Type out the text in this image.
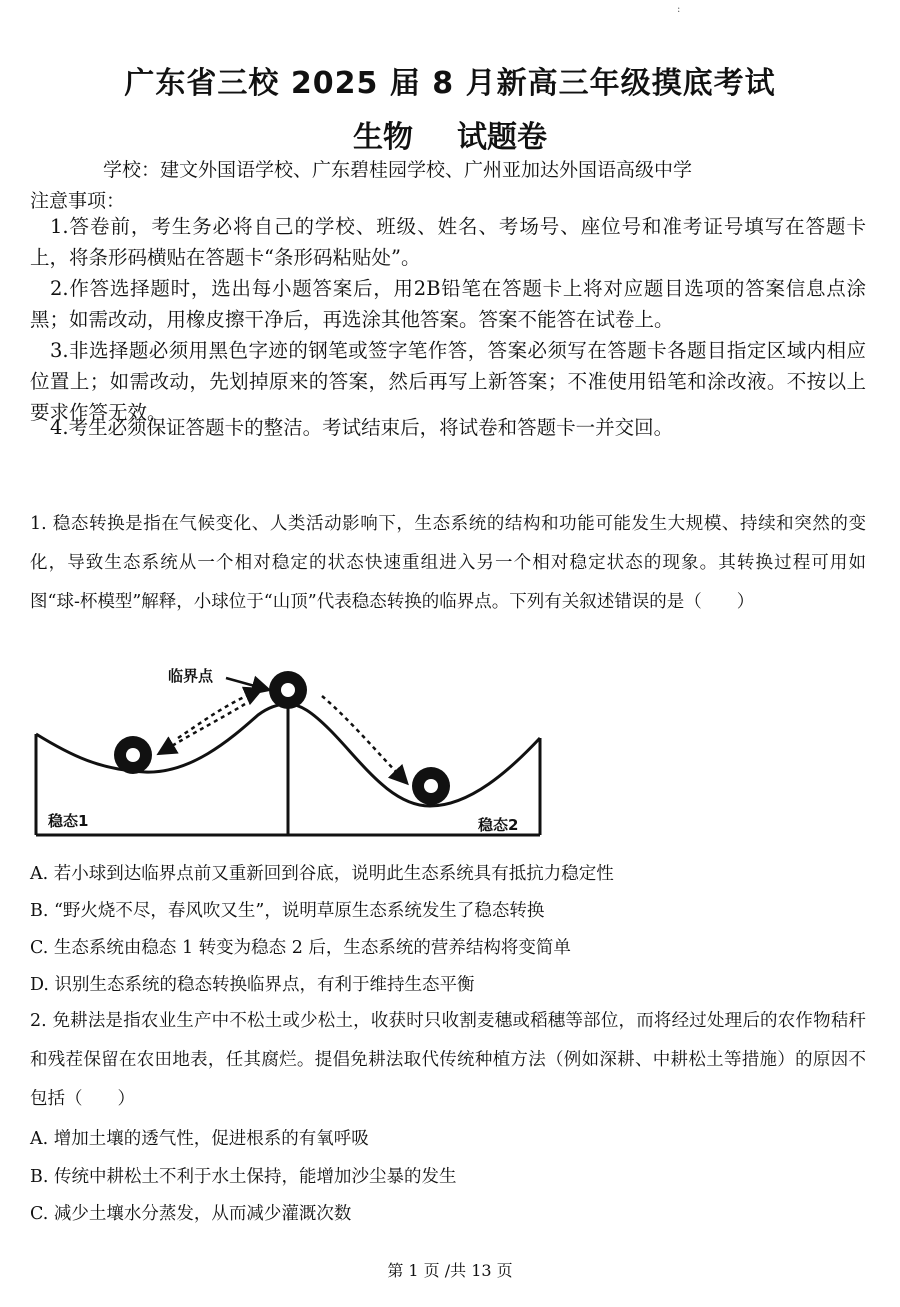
:
广东省三校 2025 届 8 月新高三年级摸底考试
生物 试题卷
学校：建文外国语学校、广东碧桂园学校、广州亚加达外国语高级中学
注意事项：
1.答卷前，考生务必将自己的学校、班级、姓名、考场号、座位号和准考证号填写在答题卡上，将条形码横贴在答题卡“条形码粘贴处”。
2.作答选择题时，选出每小题答案后，用2B铅笔在答题卡上将对应题目选项的答案信息点涂黑；如需改动，用橡皮擦干净后，再选涂其他答案。答案不能答在试卷上。
3.非选择题必须用黑色字迹的钢笔或签字笔作答，答案必须写在答题卡各题目指定区域内相应位置上；如需改动，先划掉原来的答案，然后再写上新答案；不准使用铅笔和涂改液。不按以上要求作答无效。
4.考生必须保证答题卡的整洁。考试结束后，将试卷和答题卡一并交回。
1. 稳态转换是指在气候变化、人类活动影响下，生态系统的结构和功能可能发生大规模、持续和突然的变化，导致生态系统从一个相对稳定的状态快速重组进入另一个相对稳定状态的现象。其转换过程可用如图“球-杯模型”解释，小球位于“山顶”代表稳态转换的临界点。下列有关叙述错误的是（　　）
临界点
稳态1	稳态2
A. 若小球到达临界点前又重新回到谷底，说明此生态系统具有抵抗力稳定性
B. “野火烧不尽，春风吹又生”，说明草原生态系统发生了稳态转换
C. 生态系统由稳态 1 转变为稳态 2 后，生态系统的营养结构将变简单
D. 识别生态系统的稳态转换临界点，有利于维持生态平衡
2. 免耕法是指农业生产中不松土或少松土，收获时只收割麦穗或稻穗等部位，而将经过处理后的农作物秸秆和残茬保留在农田地表，任其腐烂。提倡免耕法取代传统种植方法（例如深耕、中耕松土等措施）的原因不包括（　　）
A. 增加土壤的透气性，促进根系的有氧呼吸
B. 传统中耕松土不利于水土保持，能增加沙尘暴的发生
C. 减少土壤水分蒸发，从而减少灌溉次数
第 1 页 /共 13 页
